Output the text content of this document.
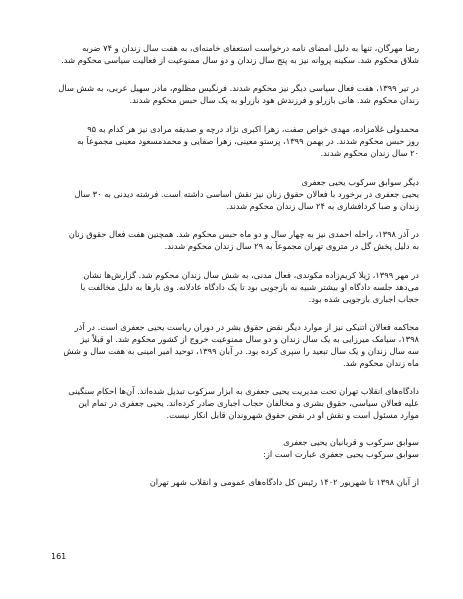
رضا مهرگان، تنها به دلیل امضای نامه درخواست استعفای خامنه‌ای، به هفت سال زندان و ۷۴ ضربه

شلاق محکوم شد. سکینه پروانه نیز به پنج سال زندان و دو سال ممنوعیت از فعالیت سیاسی محکوم شد.

در تیر ۱۳۹۹، هفت فعال سیاسی دیگر نیز محکوم شدند. فرنگیس مظلوم، مادر سهیل عربی، به شش سال

زندان محکوم شد. هانی بازرلو و فرزندش هود بازرلو به یک سال حبس محکوم شدند.

محمدولی غلامزاده، مهدی خواص صفت، زهرا اکبری نژاد درچه و صدیقه مرادی نیز هر کدام به ۹۵

روز حبس محکوم شدند. در بهمن ۱۳۹۹، پرستو معینی، زهرا صفایی و محمدمسعود معینی مجموعاً به

۲۰ سال زندان محکوم شدند.

دیگر سوابق سرکوب یحیی جعفری

یحیی جعفری در برخورد با فعالان حقوق زنان نیز نقش اساسی داشته است. فرشته دیدنی به ۳۰ سال

زندان و صبا کردافشاری به ۲۴ سال زندان محکوم شدند.

در آذر ۱۳۹۸، راحله احمدی نیز به چهار سال و دو ماه حبس محکوم شد. همچنین هفت فعال حقوق زنان

به دلیل پخش گل در متروی تهران مجموعاً به ۲۹ سال زندان محکوم شدند.

در مهر ۱۳۹۹، ژیلا کریم‌زاده مکوندی، فعال مدنی، به شش سال زندان محکوم شد. گزارش‌ها نشان

می‌دهد جلسه دادگاه او بیشتر شبیه به بازجویی بود تا یک دادگاه عادلانه. وی بارها به دلیل مخالفت با

حجاب اجباری بازجویی شده بود.

محاکمه فعالان اتنیکی نیز از موارد دیگر نقض حقوق بشر در دوران ریاست یحیی جعفری است. در آذر

۱۳۹۸، سیامک میرزایی به یک سال زندان و دو سال ممنوعیت خروج از کشور محکوم شد. او قبلاً نیز

سه سال زندان و یک سال تبعید را سپری کرده بود. در آبان ۱۳۹۹، توحید امیر امینی به هفت سال و شش

ماه زندان محکوم شد.

دادگاه‌های انقلاب تهران تحت مدیریت یحیی جعفری به ابزار سرکوب تبدیل شده‌اند. آن‌ها احکام سنگینی

علیه فعالان سیاسی، حقوق بشری و مخالفان حجاب اجباری صادر کرده‌اند. یحیی جعفری در تمام این

موارد مسئول است و نقش او در نقض حقوق شهروندان قابل انکار نیست.

سوابق سرکوب و قربانیان یحیی جعفری

سوابق سرکوب یحیی جعفری عبارت است از:

از آبان ۱۳۹۸ تا شهریور ۱۴۰۲ رئیس کل دادگاه‌های عمومی و انقلاب شهر تهران

161
